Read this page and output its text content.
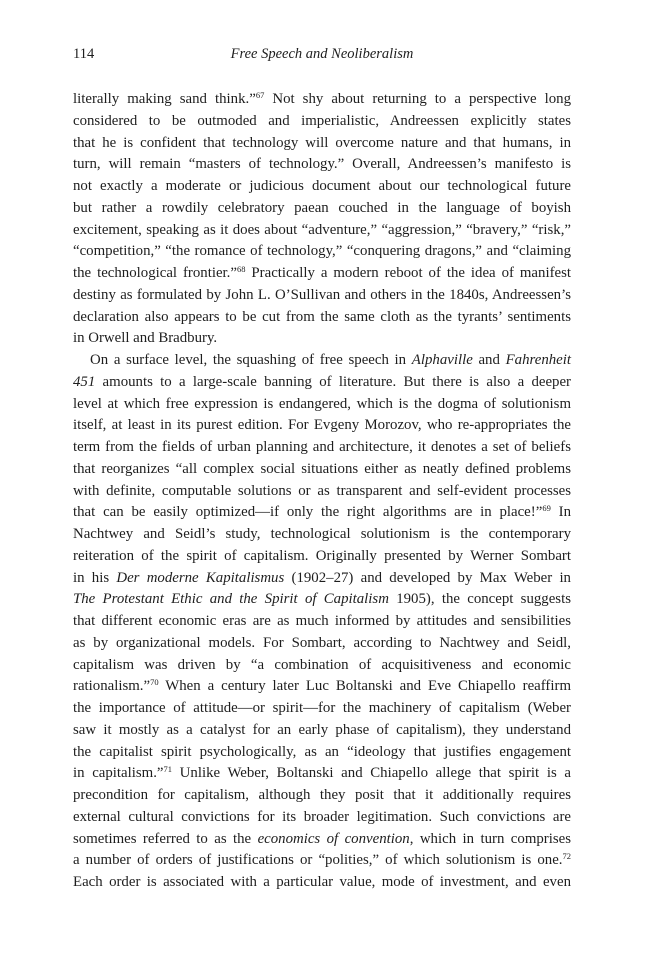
114	Free Speech and Neoliberalism
literally making sand think.”$^{67}$ Not shy about returning to a perspective long
considered to be outmoded and imperialistic, Andreessen explicitly states
that he is confident that technology will overcome nature and that humans, in
turn, will remain “masters of technology.” Overall, Andreessen’s manifesto is
not exactly a moderate or judicious document about our technological future
but rather a rowdily celebratory paean couched in the language of boyish
excitement, speaking as it does about “adventure,” “aggression,” “bravery,” “risk,”
“competition,” “the romance of technology,” “conquering dragons,” and “claiming
the technological frontier.”$^{68}$ Practically a modern reboot of the idea of manifest
destiny as formulated by John L. O’Sullivan and others in the 1840s, Andreessen’s
declaration also appears to be cut from the same cloth as the tyrants’ sentiments
in Orwell and Bradbury.
On a surface level, the squashing of free speech in Alphaville and Fahrenheit
451 amounts to a large-scale banning of literature. But there is also a deeper
level at which free expression is endangered, which is the dogma of solutionism
itself, at least in its purest edition. For Evgeny Morozov, who re-appropriates the
term from the fields of urban planning and architecture, it denotes a set of beliefs
that reorganizes “all complex social situations either as neatly defined problems
with definite, computable solutions or as transparent and self-evident processes
that can be easily optimized—if only the right algorithms are in place!”$^{69}$ In
Nachtwey and Seidl’s study, technological solutionism is the contemporary
reiteration of the spirit of capitalism. Originally presented by Werner Sombart
in his Der moderne Kapitalismus (1902–27) and developed by Max Weber in
The Protestant Ethic and the Spirit of Capitalism 1905), the concept suggests
that different economic eras are as much informed by attitudes and sensibilities
as by organizational models. For Sombart, according to Nachtwey and Seidl,
capitalism was driven by “a combination of acquisitiveness and economic
rationalism.”$^{70}$ When a century later Luc Boltanski and Eve Chiapello reaffirm
the importance of attitude—or spirit—for the machinery of capitalism (Weber
saw it mostly as a catalyst for an early phase of capitalism), they understand
the capitalist spirit psychologically, as an “ideology that justifies engagement
in capitalism.”$^{71}$ Unlike Weber, Boltanski and Chiapello allege that spirit is a
precondition for capitalism, although they posit that it additionally requires
external cultural convictions for its broader legitimation. Such convictions are
sometimes referred to as the economics of convention, which in turn comprises
a number of orders of justifications or “polities,” of which solutionism is one.$^{72}$
Each order is associated with a particular value, mode of investment, and even
